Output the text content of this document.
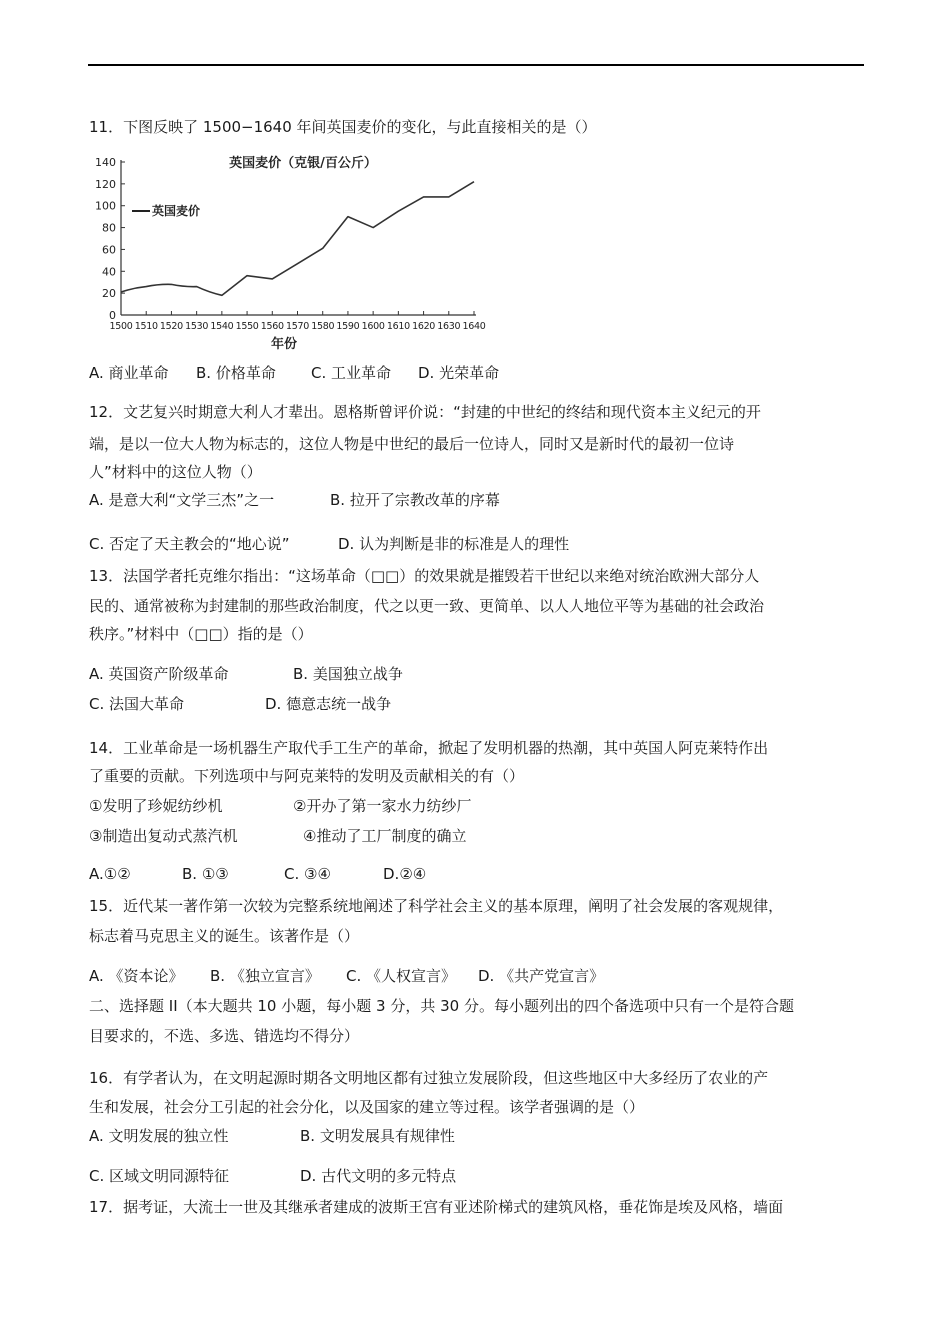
11．下图反映了 1500−1640 年间英国麦价的变化，与此直接相关的是（）
0
20
40
60
80
100
120
140
1500 1510 1520 1530 1540 1550 1560 1570 1580 1590 1600 1610 1620 1630 1640
英国麦价（克银/百公斤）
英国麦价
年份
A. 商业革命 B. 价格革命 C. 工业革命 D. 光荣革命
12．文艺复兴时期意大利人才辈出。恩格斯曾评价说：“封建的中世纪的终结和现代资本主义纪元的开
端，是以一位大人物为标志的，这位人物是中世纪的最后一位诗人，同时又是新时代的最初一位诗
人”材料中的这位人物（）
A. 是意大利“文学三杰”之一	B. 拉开了宗教改革的序幕
C. 否定了天主教会的“地心说”	D. 认为判断是非的标准是人的理性
13．法国学者托克维尔指出：“这场革命（□□）的效果就是摧毁若干世纪以来绝对统治欧洲大部分人
民的、通常被称为封建制的那些政治制度，代之以更一致、更简单、以人人地位平等为基础的社会政治
秩序。”材料中（□□）指的是（）
A. 英国资产阶级革命	B. 美国独立战争
C. 法国大革命	D. 德意志统一战争
14．工业革命是一场机器生产取代手工生产的革命，掀起了发明机器的热潮，其中英国人阿克莱特作出
了重要的贡献。下列选项中与阿克莱特的发明及贡献相关的有（）
①发明了珍妮纺纱机	②开办了第一家水力纺纱厂
③制造出复动式蒸汽机	④推动了工厂制度的确立
A.①②	B. ①③	C. ③④	D.②④
15．近代某一著作第一次较为完整系统地阐述了科学社会主义的基本原理，阐明了社会发展的客观规律，
标志着马克思主义的诞生。该著作是（）
A. 《资本论》 B. 《独立宣言》 C. 《人权宣言》 D. 《共产党宣言》
二、选择题 II（本大题共 10 小题，每小题 3 分，共 30 分。每小题列出的四个备选项中只有一个是符合题
目要求的，不选、多选、错选均不得分）
16．有学者认为，在文明起源时期各文明地区都有过独立发展阶段，但这些地区中大多经历了农业的产
生和发展，社会分工引起的社会分化，以及国家的建立等过程。该学者强调的是（）
A. 文明发展的独立性	B. 文明发展具有规律性
C. 区域文明同源特征	D. 古代文明的多元特点
17．据考证，大流士一世及其继承者建成的波斯王宫有亚述阶梯式的建筑风格，垂花饰是埃及风格，墙面
